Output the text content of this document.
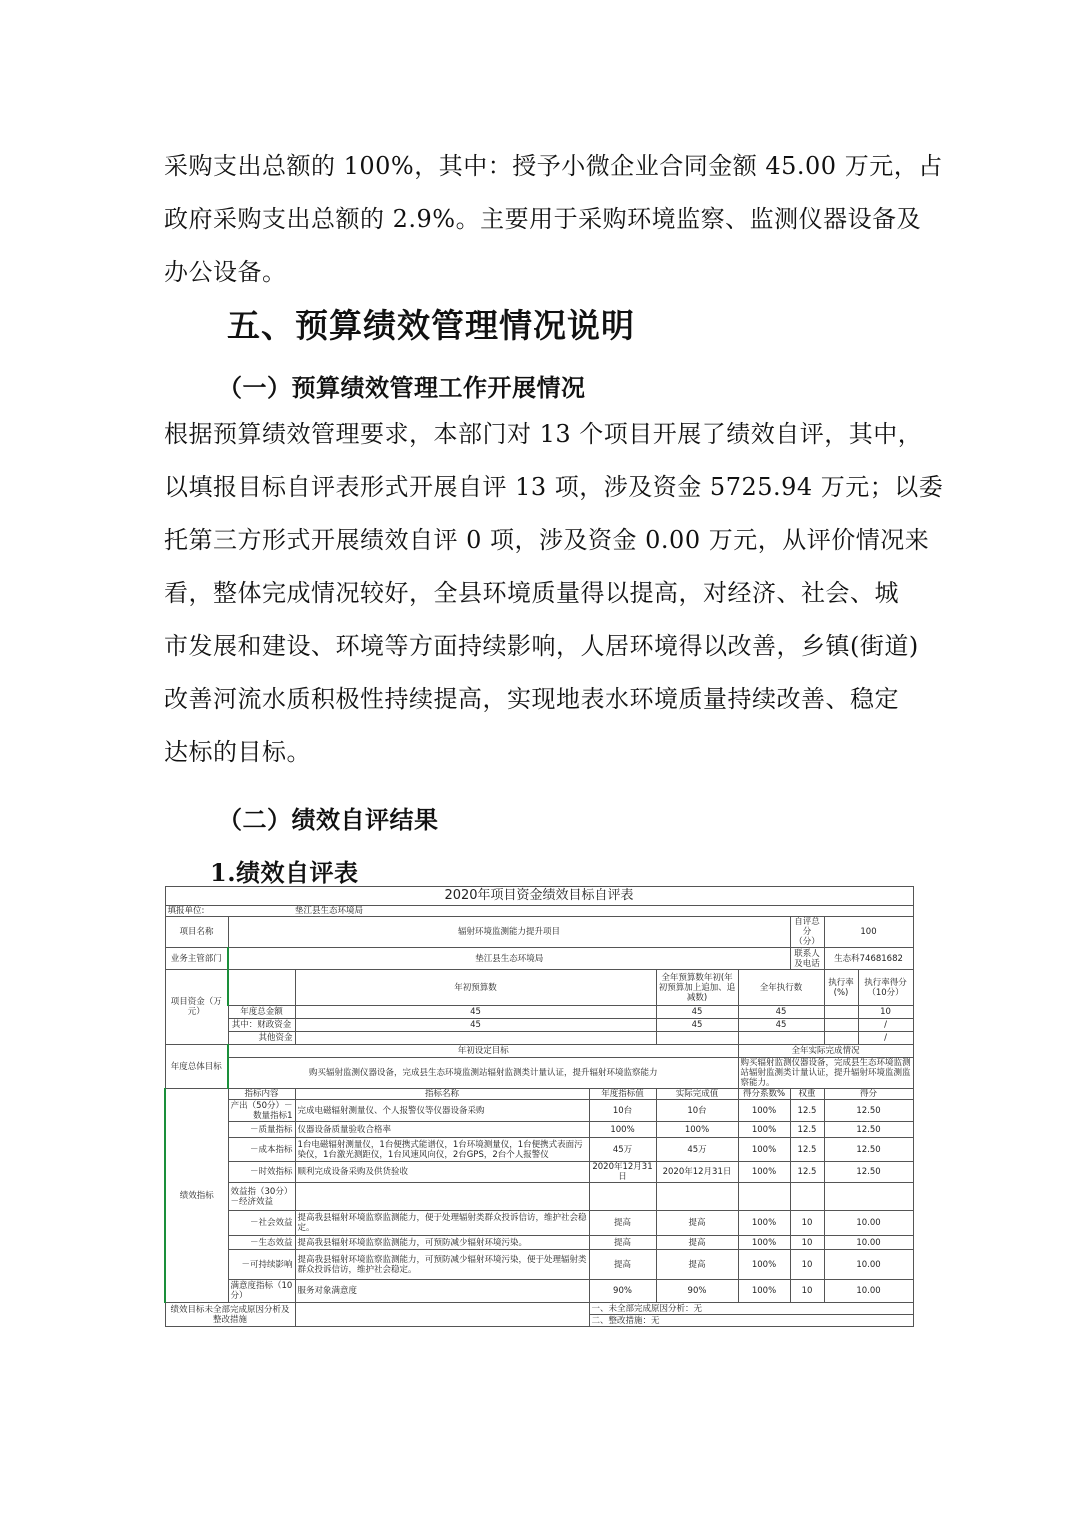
采购支出总额的 100%，其中：授予小微企业合同金额 45.00 万元，占
政府采购支出总额的 2.9%。主要用于采购环境监察、监测仪器设备及
办公设备。
五、预算绩效管理情况说明
（一）预算绩效管理工作开展情况
根据预算绩效管理要求，本部门对 13 个项目开展了绩效自评，其中，
以填报目标自评表形式开展自评 13 项，涉及资金 5725.94 万元；以委
托第三方形式开展绩效自评 0 项，涉及资金 0.00 万元，从评价情况来
看，整体完成情况较好，全县环境质量得以提高，对经济、社会、城
市发展和建设、环境等方面持续影响，人居环境得以改善，乡镇(街道)
改善河流水质积极性持续提高，实现地表水环境质量持续改善、稳定
达标的目标。
（二）绩效自评结果
1.绩效自评表
2020年项目资金绩效目标自评表								
填报单位:		垫江县生态环境局						
项目名称	辐射环境监测能力提升项目					自评总分（分）	100	
业务主管部门	垫江县生态环境局					联系人及电话	生态科74681682	
项目资金（万元）		年初预算数		全年预算数年初(年初预算加上追加、追减数)	全年执行数		执行率(%)	执行率得分（10分）
	年度总金额	45		45	45			10
	其中：财政资金	45		45	45			/
	其他资金							/
年度总体目标	年初设定目标				全年实际完成情况			
	购买辐射监测仪器设备，完成县生态环境监测站辐射监测类计量认证，提升辐射环境监察能力				购买辐射监测仪器设备，完成县生态环境监测站辐射监测类计量认证，提升辐射环境监测监察能力。			
绩效指标	指标内容	指标名称	年度指标值	实际完成值	得分系数%	权重	得分	
	产出（50分）－数量指标1	完成电磁辐射测量仪、个人报警仪等仪器设备采购	10台	10台	100%	12.5	12.50	
	－质量指标	仪器设备质量验收合格率	100%	100%	100%	12.5	12.50	
	－成本指标	1台电磁辐射测量仪，1台便携式能谱仪，1台环境测量仪，1台便携式表面污染仪，1台激光测距仪，1台风速风向仪，2台GPS，2台个人报警仪	45万	45万	100%	12.5	12.50	
	－时效指标	顺利完成设备采购及供货验收	2020年12月31日	2020年12月31日	100%	12.5	12.50	
	效益指（30分）－经济效益							
	－社会效益	提高我县辐射环境监察监测能力，便于处理辐射类群众投诉信访，维护社会稳定。	提高	提高	100%	10	10.00	
	－生态效益	提高我县辐射环境监察监测能力，可预防减少辐射环境污染。	提高	提高	100%	10	10.00	
	－可持续影响	提高我县辐射环境监察监测能力，可预防减少辐射环境污染，便于处理辐射类群众投诉信访，维护社会稳定。	提高	提高	100%	10	10.00	
	满意度指标（10分）	服务对象满意度	90%	90%	100%	10	10.00	
绩效目标未全部完成原因分析及整改措施			一、未全部完成原因分析：无					
			二、整改措施：无					
